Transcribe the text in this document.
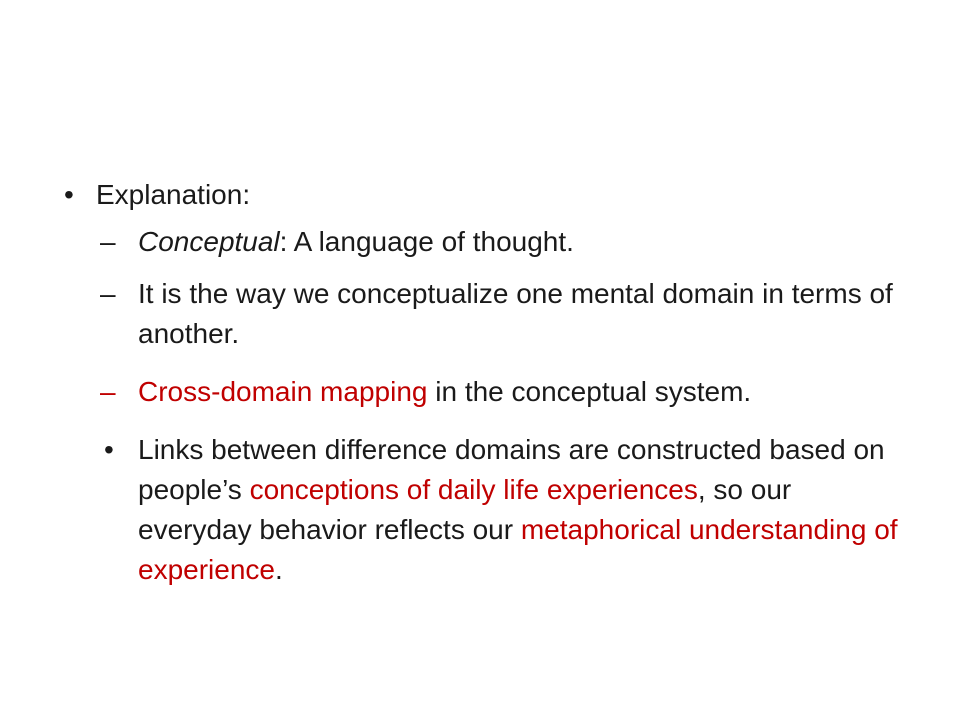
• Explanation:
– Conceptual: A language of thought.
– It is the way we conceptualize one mental domain in terms of another.
– Cross-domain mapping in the conceptual system.
• Links between difference domains are constructed based on people’s conceptions of daily life experiences, so our everyday behavior reflects our metaphorical understanding of experience.
